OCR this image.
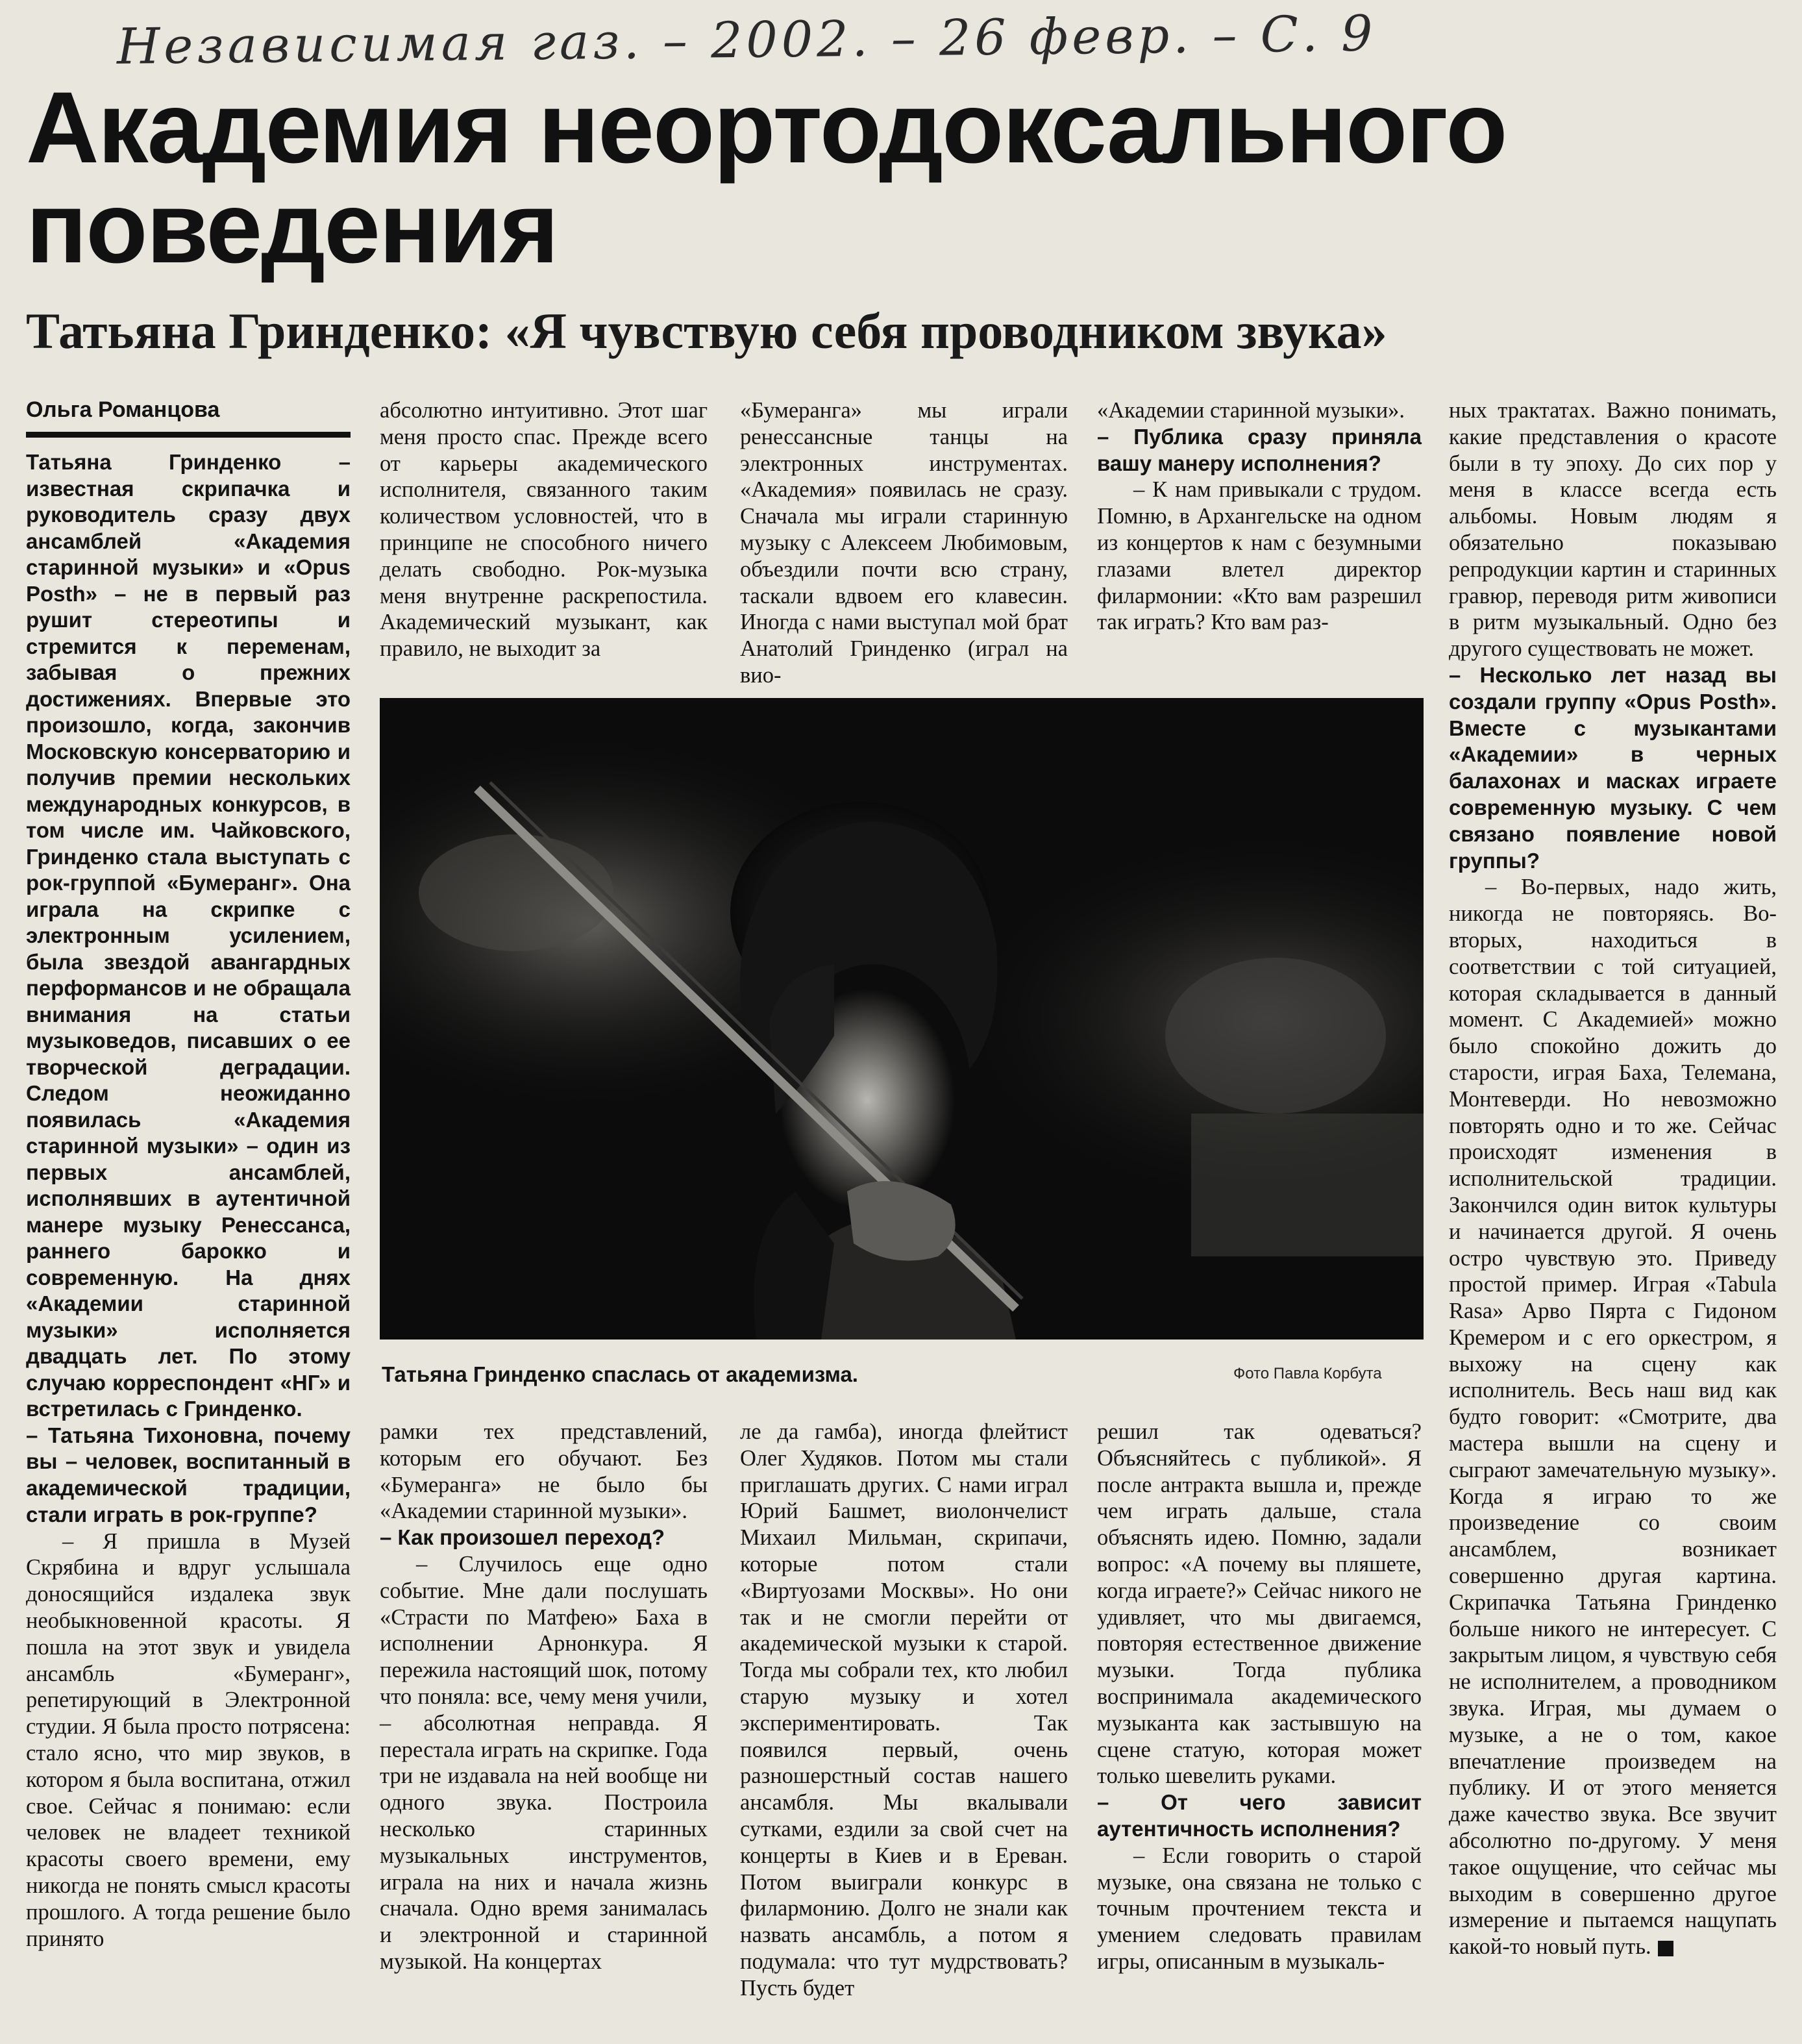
Независимая газ. – 2002. – 26 февр. – С. 9
Академия неортодоксального поведения
Татьяна Гринденко: «Я чувствую себя проводником звука»
Ольга Романцова

Татьяна Гринденко – известная скрипачка и руководитель сразу двух ансамблей «Академия старинной музыки» и «Opus Posth» – не в первый раз рушит стереотипы и стремится к переменам, забывая о прежних достижениях. Впервые это произошло, когда, закончив Московскую консерваторию и получив премии нескольких международных конкурсов, в том числе им. Чайковского, Гринденко стала выступать с рок-группой «Бумеранг». Она играла на скрипке с электронным усилением, была звездой авангардных перформансов и не обращала внимания на статьи музыковедов, писавших о ее творческой деградации. Следом неожиданно появилась «Академия старинной музыки» – один из первых ансамблей, исполнявших в аутентичной манере музыку Ренессанса, раннего барокко и современную. На днях «Академии старинной музыки» исполняется двадцать лет. По этому случаю корреспондент «НГ» и встретилась с Гринденко.

– Татьяна Тихоновна, почему вы – человек, воспитанный в академической традиции, стали играть в рок-группе?

– Я пришла в Музей Скрябина и вдруг услышала доносящийся издалека звук необыкновенной красоты. Я пошла на этот звук и увидела ансамбль «Бумеранг», репетирующий в Электронной студии. Я была просто потрясена: стало ясно, что мир звуков, в котором я была воспитана, отжил свое. Сейчас я понимаю: если человек не владеет техникой красоты своего времени, ему никогда не понять смысл красоты прошлого. А тогда решение было принято

абсолютно интуитивно. Этот шаг меня просто спас. Прежде всего от карьеры академического исполнителя, связанного таким количеством условностей, что в принципе не способного ничего делать свободно. Рок-музыка меня внутренне раскрепостила. Академический музыкант, как правило, не выходит за

«Бумеранга» мы играли ренессансные танцы на электронных инструментах. «Академия» появилась не сразу. Сначала мы играли старинную музыку с Алексеем Любимовым, объездили почти всю страну, таскали вдвоем его клавесин. Иногда с нами выступал мой брат Анатолий Гринденко (играл на вио-

«Академии старинной музыки».

– Публика сразу приняла вашу манеру исполнения?

– К нам привыкали с трудом. Помню, в Архангельске на одном из концертов к нам с безумными глазами влетел директор филармонии: «Кто вам разрешил так играть? Кто вам раз-

ных трактатах. Важно понимать, какие представления о красоте были в ту эпоху. До сих пор у меня в классе всегда есть альбомы. Новым людям я обязательно показываю репродукции картин и старинных гравюр, переводя ритм живописи в ритм музыкальный. Одно без другого существовать не может.

– Несколько лет назад вы создали группу «Opus Posth». Вместе с музыкантами «Академии» в черных балахонах и масках играете современную музыку. С чем связано появление новой группы?

– Во-первых, надо жить, никогда не повторяясь. Во-вторых, находиться в соответствии с той ситуацией, которая складывается в данный момент. С Академией» можно было спокойно дожить до старости, играя Баха, Телемана, Монтеверди. Но невозможно повторять одно и то же. Сейчас происходят изменения в исполнительской традиции. Закончился один виток культуры и начинается другой. Я очень остро чувствую это. Приведу простой пример. Играя «Tabula Rasa» Арво Пярта с Гидоном Кремером и с его оркестром, я выхожу на сцену как исполнитель. Весь наш вид как будто говорит: «Смотрите, два мастера вышли на сцену и сыграют замечательную музыку». Когда я играю то же произведение со своим ансамблем, возникает совершенно другая картина. Скрипачка Татьяна Гринденко больше никого не интересует. С закрытым лицом, я чувствую себя не исполнителем, а проводником звука. Играя, мы думаем о музыке, а не о том, какое впечатление произведем на публику. И от этого меняется даже качество звука. Все звучит абсолютно по-другому. У меня такое ощущение, что сейчас мы выходим в совершенно другое измерение и пытаемся нащупать какой-то новый путь.

Татьяна Гринденко спаслась от академизма.	Фото Павла Корбута

рамки тех представлений, которым его обучают. Без «Бумеранга» не было бы «Академии старинной музыки».

– Как произошел переход?

– Случилось еще одно событие. Мне дали послушать «Страсти по Матфею» Баха в исполнении Арнонкура. Я пережила настоящий шок, потому что поняла: все, чему меня учили, – абсолютная неправда. Я перестала играть на скрипке. Года три не издавала на ней вообще ни одного звука. Построила несколько старинных музыкальных инструментов, играла на них и начала жизнь сначала. Одно время занималась и электронной и старинной музыкой. На концертах

ле да гамба), иногда флейтист Олег Худяков. Потом мы стали приглашать других. С нами играл Юрий Башмет, виолончелист Михаил Мильман, скрипачи, которые потом стали «Виртуозами Москвы». Но они так и не смогли перейти от академической музыки к старой. Тогда мы собрали тех, кто любил старую музыку и хотел экспериментировать. Так появился первый, очень разношерстный состав нашего ансамбля. Мы вкалывали сутками, ездили за свой счет на концерты в Киев и в Ереван. Потом выиграли конкурс в филармонию. Долго не знали как назвать ансамбль, а потом я подумала: что тут мудрствовать? Пусть будет

решил так одеваться? Объясняйтесь с публикой». Я после антракта вышла и, прежде чем играть дальше, стала объяснять идею. Помню, задали вопрос: «А почему вы пляшете, когда играете?» Сейчас никого не удивляет, что мы двигаемся, повторяя естественное движение музыки. Тогда публика воспринимала академического музыканта как застывшую на сцене статую, которая может только шевелить руками.

– От чего зависит аутентичность исполнения?

– Если говорить о старой музыке, она связана не только с точным прочтением текста и умением следовать правилам игры, описанным в музыкаль-
